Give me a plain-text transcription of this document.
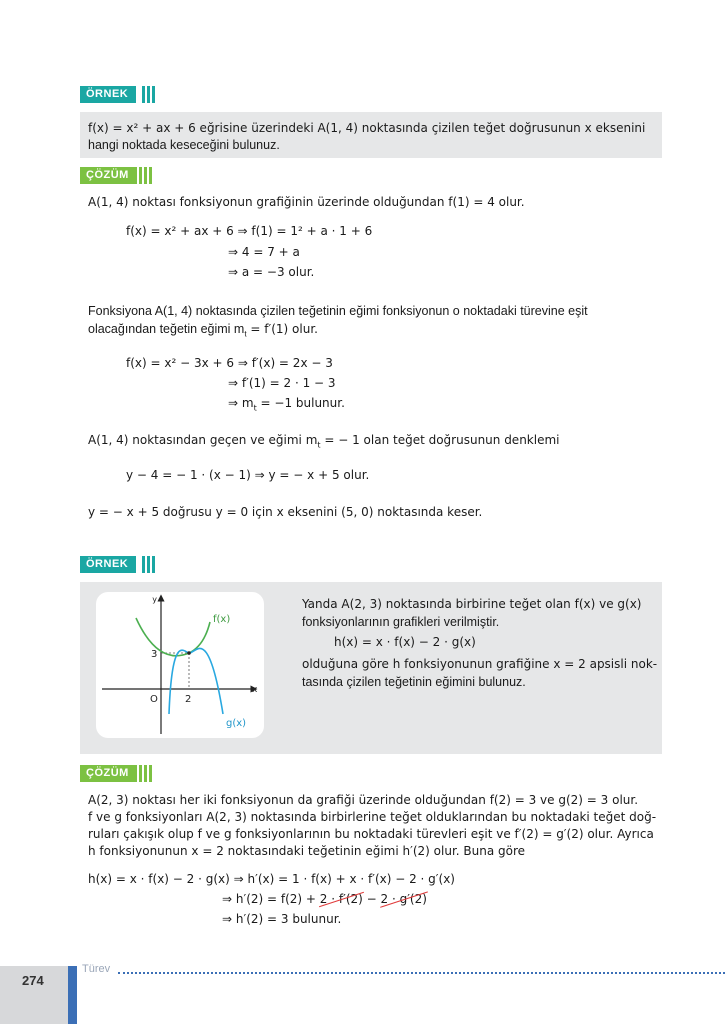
ÖRNEK
f(x) = x² + ax + 6 eğrisine üzerindeki A(1, 4) noktasında çizilen teğet doğrusunun x eksenini
hangi noktada keseceğini bulunuz.
ÇÖZÜM
A(1, 4) noktası fonksiyonun grafiğinin üzerinde olduğundan f(1) = 4 olur.
f(x) = x² + ax + 6 ⇒ f(1) = 1² + a · 1 + 6
⇒ 4 = 7 + a
⇒ a = −3 olur.
Fonksiyona A(1, 4) noktasında çizilen teğetinin eğimi fonksiyonun o noktadaki türevine eşit
olacağından teğetin eğimi $m_t = f'(1)$ olur.
f(x) = x² − 3x + 6 ⇒ f′(x) = 2x − 3
⇒ f′(1) = 2 · 1 − 3
⇒ $m_t = -1$ bulunur.
A(1, 4) noktasından geçen ve eğimi $m_t$ = − 1 olan teğet doğrusunun denklemi
y − 4 = − 1 · (x − 1) ⇒ y = − x + 5 olur.
y = − x + 5 doğrusu y = 0 için x eksenini (5, 0) noktasında keser.
ÖRNEK
y
x
f(x)
g(x)
O	2
3
Yanda A(2, 3) noktasında birbirine teğet olan f(x) ve g(x)
fonksiyonlarının grafikleri verilmiştir.
h(x) = x · f(x) − 2 · g(x)
olduğuna göre h fonksiyonunun grafiğine x = 2 apsisli nok-
tasında çizilen teğetinin eğimini bulunuz.
ÇÖZÜM
A(2, 3) noktası her iki fonksiyonun da grafiği üzerinde olduğundan f(2) = 3 ve g(2) = 3 olur.
f ve g fonksiyonları A(2, 3) noktasında birbirlerine teğet olduklarından bu noktadaki teğet doğ-
ruları çakışık olup f ve g fonksiyonlarının bu noktadaki türevleri eşit ve f′(2) = g′(2) olur. Ayrıca
h fonksiyonunun x = 2 noktasındaki teğetinin eğimi h′(2) olur. Buna göre
h(x) = x · f(x) − 2 · g(x) ⇒ h′(x) = 1 · f(x) + x · f′(x) − 2 · g′(x)
⇒ h′(2) = f(2) + 2 · f′(2) − 2 · g′(2)
⇒ h′(2) = 3 bulunur.
274
Türev
